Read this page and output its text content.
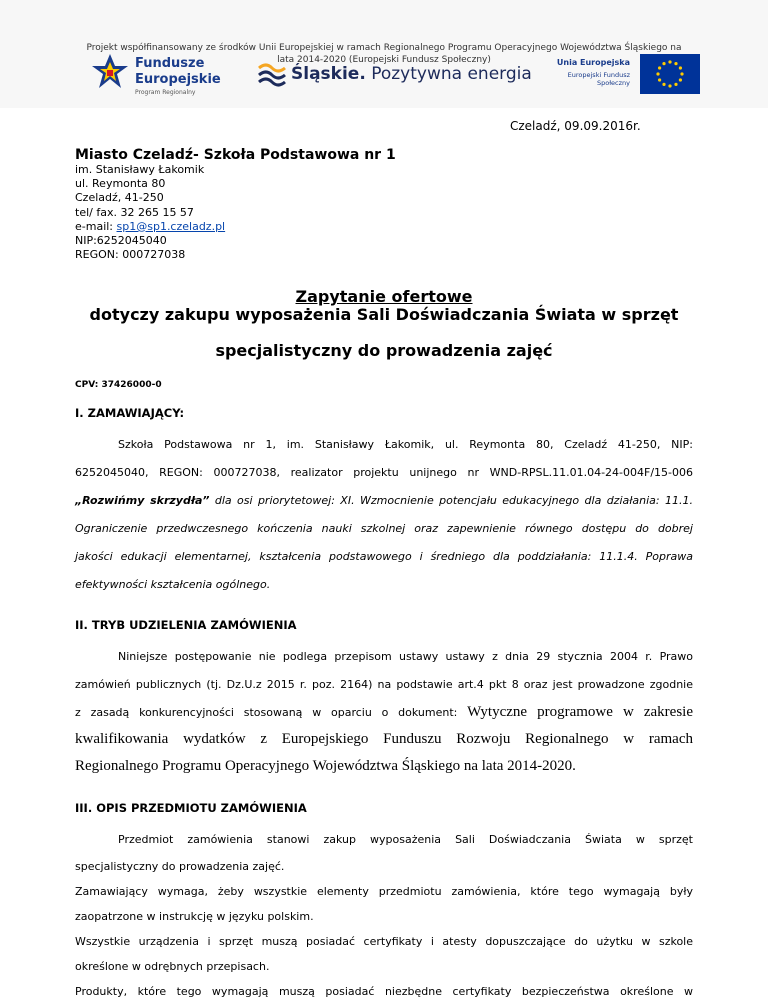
Projekt współfinansowany ze środków Unii Europejskiej w ramach Regionalnego Programu Operacyjnego Województwa Śląskiego na
lata 2014-2020 (Europejski Fundusz Społeczny)
Fundusze
Europejskie
Program Regionalny
Śląskie. Pozytywna energia
Unia Europejska
Europejski Fundusz Społeczny
Czeladź, 09.09.2016r.
Miasto Czeladź- Szkoła Podstawowa nr 1
im. Stanisławy Łakomik
ul. Reymonta 80
Czeladź, 41-250
tel/ fax. 32 265 15 57
e-mail: sp1@sp1.czeladz.pl
NIP:6252045040
REGON: 000727038
Zapytanie ofertowe
dotyczy zakupu wyposażenia Sali Doświadczania Świata w sprzęt
specjalistyczny do prowadzenia zajęć
CPV: 37426000-0
I. ZAMAWIAJĄCY:
Szkoła Podstawowa nr 1, im. Stanisławy Łakomik, ul. Reymonta 80, Czeladź 41-250, NIP:
6252045040, REGON: 000727038, realizator projektu unijnego nr WND-RPSL.11.01.04-24-004F/15-006
„Rozwińmy skrzydła” dla osi priorytetowej: XI. Wzmocnienie potencjału edukacyjnego dla działania: 11.1.
Ograniczenie przedwczesnego kończenia nauki szkolnej oraz zapewnienie równego dostępu do dobrej
jakości edukacji elementarnej, kształcenia podstawowego i średniego dla poddziałania: 11.1.4. Poprawa
efektywności kształcenia ogólnego.
II. TRYB UDZIELENIA ZAMÓWIENIA
Niniejsze postępowanie nie podlega przepisom ustawy ustawy z dnia 29 stycznia 2004 r. Prawo
zamówień publicznych (tj. Dz.U.z 2015 r. poz. 2164) na podstawie art.4 pkt 8 oraz jest prowadzone zgodnie
z zasadą konkurencyjności stosowaną w oparciu o dokument: Wytyczne programowe w zakresie
kwalifikowania wydatków z Europejskiego Funduszu Rozwoju Regionalnego w ramach
Regionalnego Programu Operacyjnego Województwa Śląskiego na lata 2014-2020.
III. OPIS PRZEDMIOTU ZAMÓWIENIA
Przedmiot zamówienia stanowi zakup wyposażenia Sali Doświadczania Świata w sprzęt
specjalistyczny do prowadzenia zajęć.
Zamawiający wymaga, żeby wszystkie elementy przedmiotu zamówienia, które tego wymagają były
zaopatrzone w instrukcję w języku polskim.
Wszystkie urządzenia i sprzęt muszą posiadać certyfikaty i atesty dopuszczające do użytku w szkole
określone w odrębnych przepisach.
Produkty, które tego wymagają muszą posiadać niezbędne certyfikaty bezpieczeństwa określone w
